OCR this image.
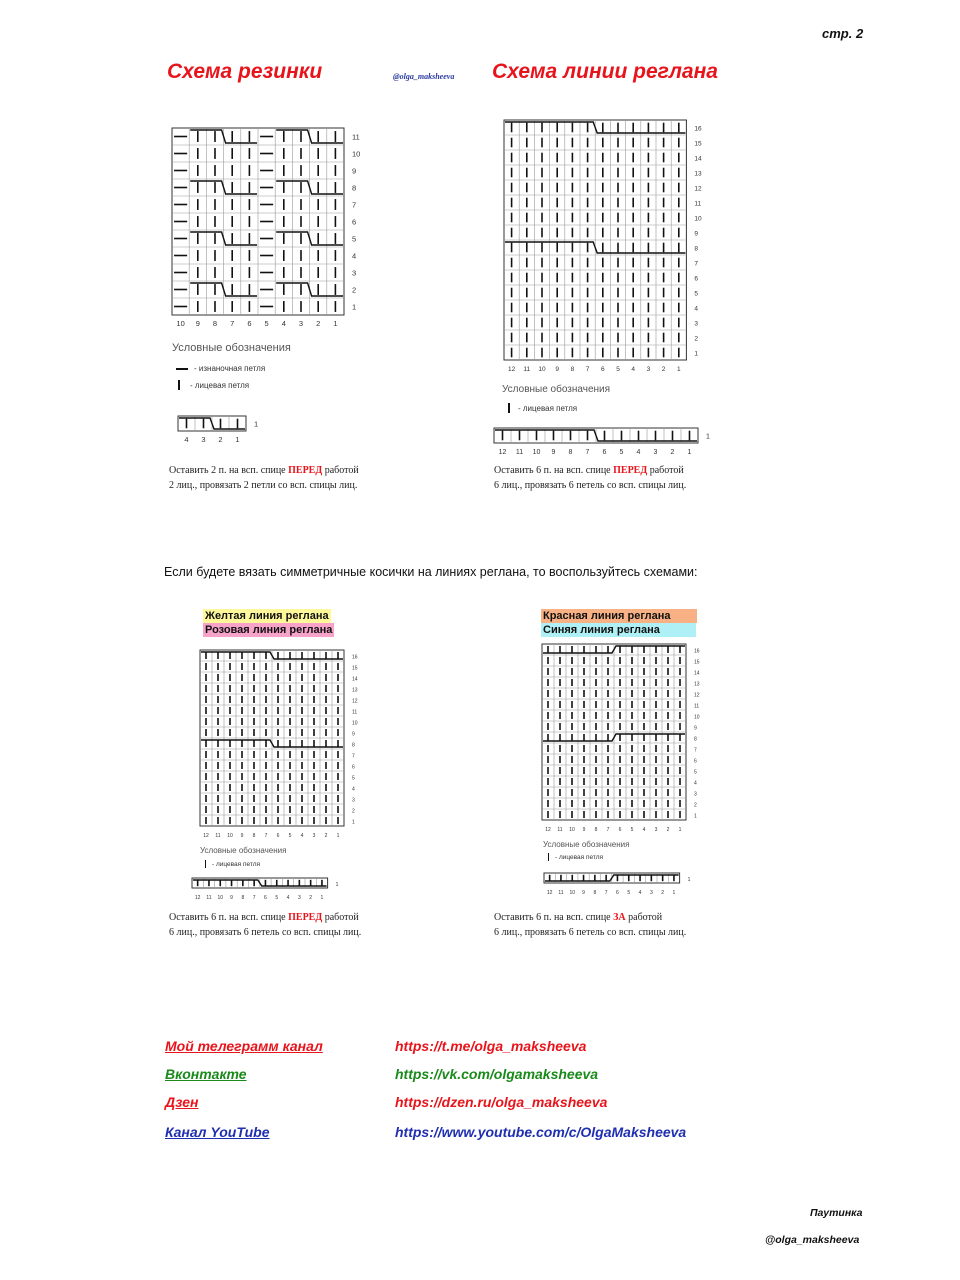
стр. 2
Схема резинки	@olga_maksheeva Схема линии реглана
11
10
9
8
7
6
5
4
3
2
1
10 9 8 7 6 5 4 3 2 1
Условные обозначения
- изнаночная петля
- лицевая петля
1
4 3 2 1
Оставить 2 п. на всп. спице ПЕРЕД работой
2 лиц., провязать 2 петли со всп. спицы лиц.
16
15
14
13
12
11
10
9
8
7
6
5
4
3
2
1
12 11 10 9 8 7 6 5 4 3 2 1
Условные обозначения
- лицевая петля
1
12 11 10 9 8 7 6 5 4 3 2 1
Оставить 6 п. на всп. спице ПЕРЕД работой
6 лиц., провязать 6 петель со всп. спицы лиц.
Если будете вязать симметричные косички на линиях реглана, то воспользуйтесь схемами:
Желтая линия реглана
Розовая линия реглана
16
15
14
13
12
11
10
9
8
7
6
5
4
3
2
1
12 11 10 9 8 7 6 5 4 3 2 1
Условные обозначения
- лицевая петля
1
12 11 10 9 8 7 6 5 4 3 2 1
Оставить 6 п. на всп. спице ПЕРЕД работой
6 лиц., провязать 6 петель со всп. спицы лиц.
Красная линия реглана
Синяя линия реглана
16
15
14
13
12
11
10
9
8
7
6
5
4
3
2
1
12 11 10 9 8 7 6 5 4 3 2 1
Условные обозначения
- лицевая петля
1
12 11 10 9 8 7 6 5 4 3 2 1
Оставить 6 п. на всп. спице ЗА работой
6 лиц., провязать 6 петель со всп. спицы лиц.
Мой телеграмм канал	https://t.me/olga_maksheeva
Вконтакте	https://vk.com/olgamaksheeva
Дзен	https://dzen.ru/olga_maksheeva
Канал YouTube	https://www.youtube.com/c/OlgaMaksheeva
Паутинка
@olga_maksheeva
